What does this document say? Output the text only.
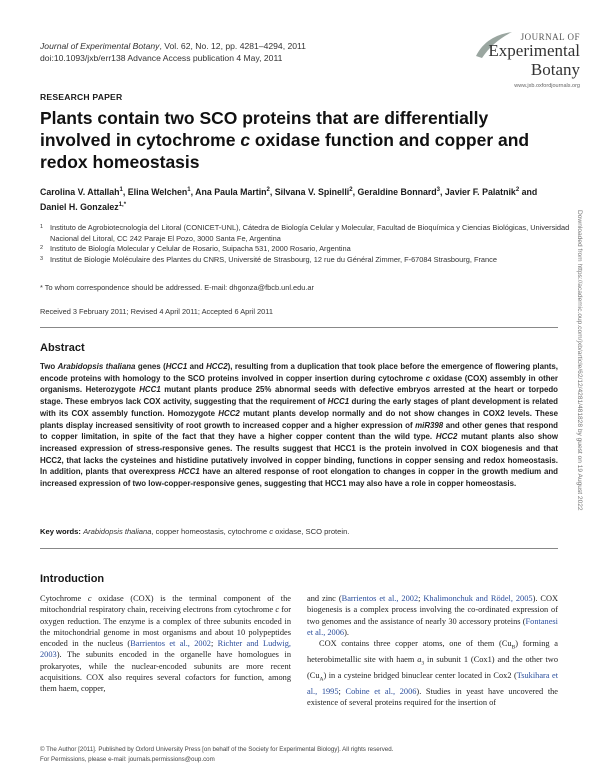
Journal of Experimental Botany, Vol. 62, No. 12, pp. 4281–4294, 2011
doi:10.1093/jxb/err138 Advance Access publication 4 May, 2011
JOURNAL OF
Experimental
Botany
www.jxb.oxfordjournals.org
RESEARCH PAPER
Plants contain two SCO proteins that are differentially
involved in cytochrome c oxidase function and copper and
redox homeostasis
Carolina V. Attallah$^1$, Elina Welchen$^1$, Ana Paula Martin$^2$, Silvana V. Spinelli$^2$, Geraldine Bonnard$^3$, Javier F. Palatnik$^2$ and Daniel H. Gonzalez$^{1,*}$
1 Instituto de Agrobiotecnología del Litoral (CONICET-UNL), Cátedra de Biología Celular y Molecular, Facultad de Bioquímica y Ciencias Biológicas, Universidad Nacional del Litoral, CC 242 Paraje El Pozo, 3000 Santa Fe, Argentina
2 Instituto de Biología Molecular y Celular de Rosario, Suipacha 531, 2000 Rosario, Argentina
3 Institut de Biologie Moléculaire des Plantes du CNRS, Université de Strasbourg, 12 rue du Général Zimmer, F-67084 Strasbourg, France
* To whom correspondence should be addressed. E-mail: dhgonza@fbcb.unl.edu.ar
Received 3 February 2011; Revised 4 April 2011; Accepted 6 April 2011
Abstract
Two Arabidopsis thaliana genes (HCC1 and HCC2), resulting from a duplication that took place before the emergence of flowering plants, encode proteins with homology to the SCO proteins involved in copper insertion during cytochrome c oxidase (COX) assembly in other organisms. Heterozygote HCC1 mutant plants produce 25% abnormal seeds with defective embryos arrested at the heart or torpedo stage. These embryos lack COX activity, suggesting that the requirement of HCC1 during the early stages of plant development is related with its COX assembly function. Homozygote HCC2 mutant plants develop normally and do not show changes in COX2 levels. These plants display increased sensitivity of root growth to increased copper and a higher expression of miR398 and other genes that respond to copper limitation, in spite of the fact that they have a higher copper content than the wild type. HCC2 mutant plants also show increased expression of stress-responsive genes. The results suggest that HCC1 is the protein involved in COX biogenesis and that HCC2, that lacks the cysteines and histidine putatively involved in copper binding, functions in copper sensing and redox homeostasis. In addition, plants that overexpress HCC1 have an altered response of root elongation to changes in copper in the growth medium and increased expression of two low-copper-responsive genes, suggesting that HCC1 may also have a role in copper homeostasis.
Key words: Arabidopsis thaliana, copper homeostasis, cytochrome c oxidase, SCO protein.
Introduction
Cytochrome c oxidase (COX) is the terminal component of the mitochondrial respiratory chain, receiving electrons from cytochrome c for oxygen reduction. The enzyme is a complex of three subunits encoded in the mitochondrial genome in most organisms and about 10 polypeptides encoded in the nucleus (Barrientos et al., 2002; Richter and Ludwig, 2003). The subunits encoded in the organelle have homologues in prokaryotes, while the nuclear-encoded subunits are more recent acquisitions. COX also requires several cofactors for function, among them haem, copper,
and zinc (Barrientos et al., 2002; Khalimonchuk and Rödel, 2005). COX biogenesis is a complex process involving the co-ordinated expression of two genomes and the assistance of nearly 30 accessory proteins (Fontanesi et al., 2006).
COX contains three copper atoms, one of them $(Cu_B)$ forming a heterobimetallic site with haem $a_3$ in subunit 1 (Cox1) and the other two $(Cu_A)$ in a cysteine bridged binuclear center located in Cox2 (Tsukihara et al., 1995; Cobine et al., 2006). Studies in yeast have uncovered the existence of several proteins required for the insertion of
© The Author [2011]. Published by Oxford University Press [on behalf of the Society for Experimental Biology]. All rights reserved.
For Permissions, please e-mail: journals.permissions@oup.com
Downloaded from https://academic.oup.com/jxb/article/62/12/4281/481828 by guest on 19 August 2022
